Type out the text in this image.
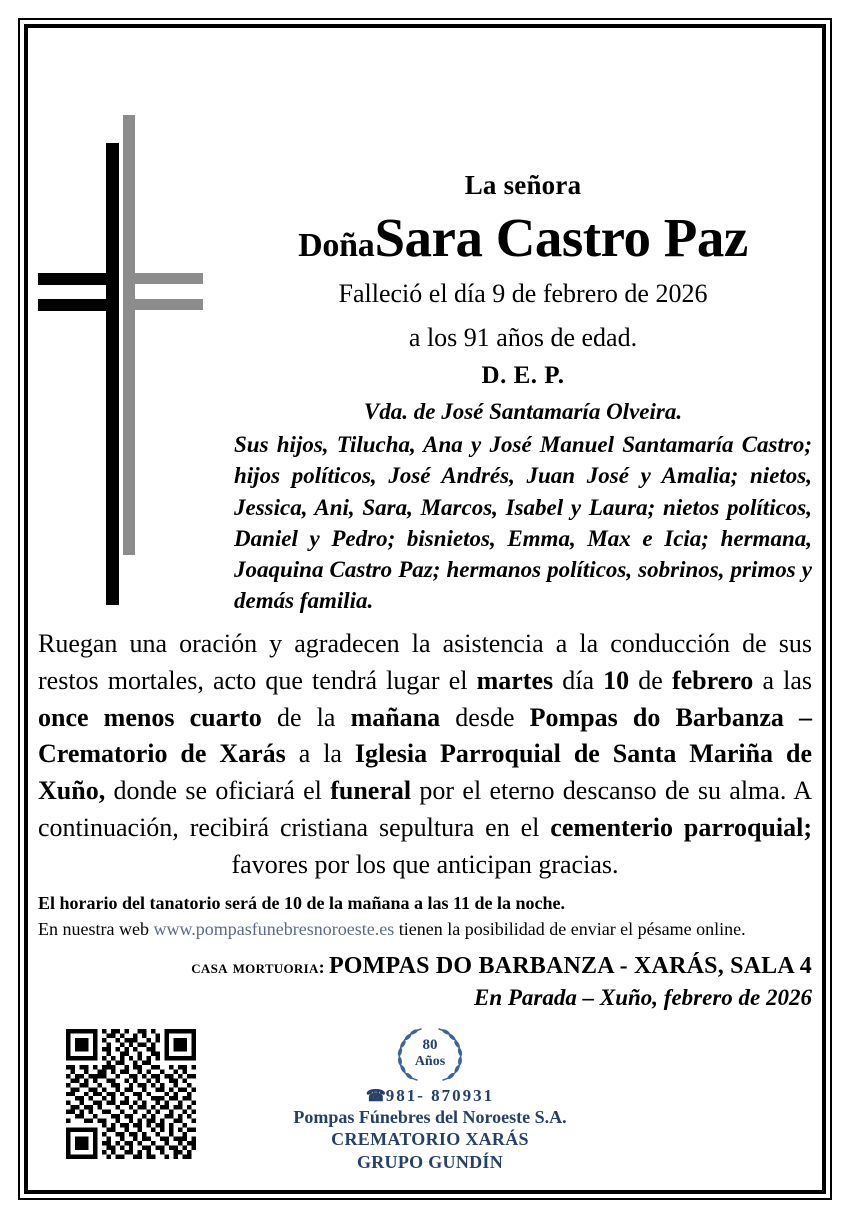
La señora
DoñaSara Castro Paz
Falleció el día 9 de febrero de 2026
a los 91 años de edad.
D. E. P.
Vda. de José Santamaría Olveira.
Sus hijos, Tilucha, Ana y José Manuel Santamaría Castro; hijos políticos, José Andrés, Juan José y Amalia; nietos, Jessica, Ani, Sara, Marcos, Isabel y Laura; nietos políticos, Daniel y Pedro; bisnietos, Emma, Max e Icia; hermana, Joaquina Castro Paz; hermanos políticos, sobrinos, primos y demás familia.
Ruegan una oración y agradecen la asistencia a la conducción de sus restos mortales, acto que tendrá lugar el martes día 10 de febrero a las once menos cuarto de la mañana desde Pompas do Barbanza – Crematorio de Xarás a la Iglesia Parroquial de Santa Mariña de Xuño, donde se oficiará el funeral por el eterno descanso de su alma. A continuación, recibirá cristiana sepultura en el cementerio parroquial; favores por los que anticipan gracias.
El horario del tanatorio será de 10 de la mañana a las 11 de la noche.
En nuestra web www.pompasfunebresnoroeste.es tienen la posibilidad de enviar el pésame online.
casa mortuoria: POMPAS DO BARBANZA - XARÁS, SALA 4
En Parada – Xuño, febrero de 2026
80
Años
☎981- 870931
Pompas Fúnebres del Noroeste S.A.
CREMATORIO XARÁS
GRUPO GUNDÍN
